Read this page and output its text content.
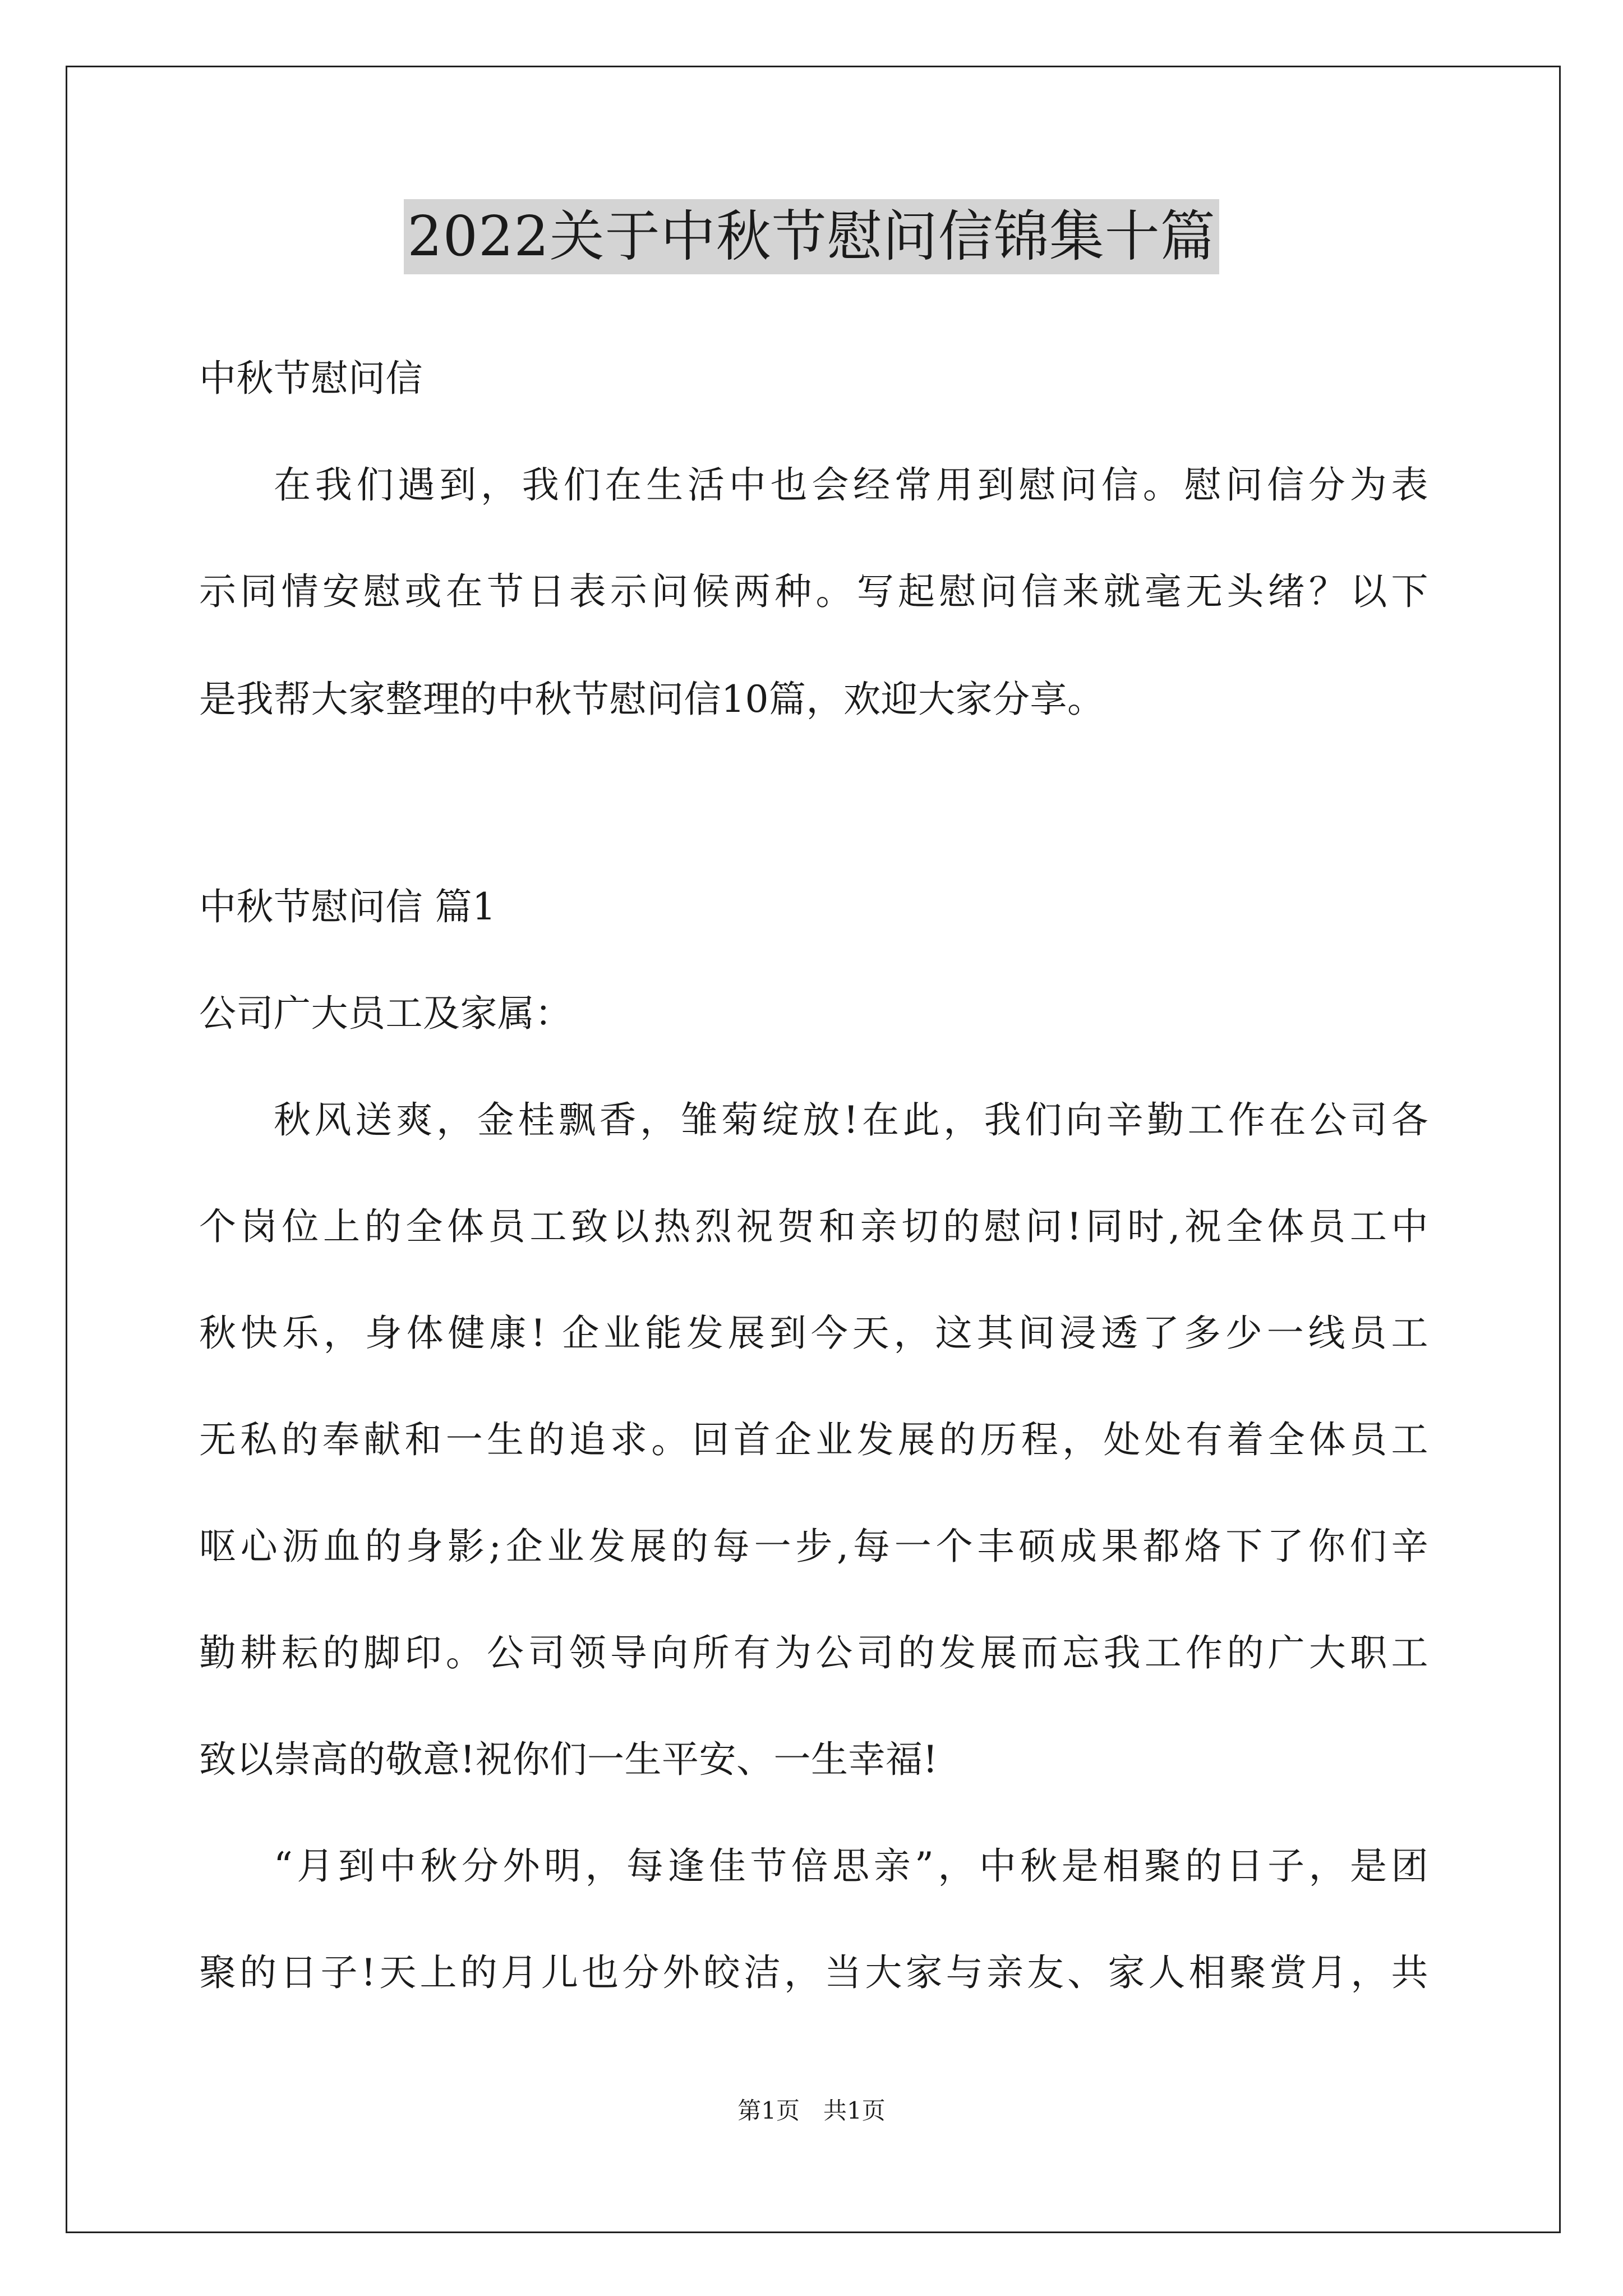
2022关于中秋节慰问信锦集十篇
中秋节慰问信
在我们遇到，我们在生活中也会经常用到慰问信。慰问信分为表
示同情安慰或在节日表示问候两种。写起慰问信来就毫无头绪？以下
是我帮大家整理的中秋节慰问信10篇，欢迎大家分享。
中秋节慰问信 篇1
公司广大员工及家属：
秋风送爽，金桂飘香，雏菊绽放!在此，我们向辛勤工作在公司各
个岗位上的全体员工致以热烈祝贺和亲切的慰问!同时,祝全体员工中
秋快乐，身体健康! 企业能发展到今天，这其间浸透了多少一线员工
无私的奉献和一生的追求。回首企业发展的历程，处处有着全体员工
呕心沥血的身影;企业发展的每一步,每一个丰硕成果都烙下了你们辛
勤耕耘的脚印。公司领导向所有为公司的发展而忘我工作的广大职工
致以崇高的敬意!祝你们一生平安、一生幸福!
“月到中秋分外明，每逢佳节倍思亲”，中秋是相聚的日子，是团
聚的日子!天上的月儿也分外皎洁，当大家与亲友、家人相聚赏月，共
第1页　共1页
